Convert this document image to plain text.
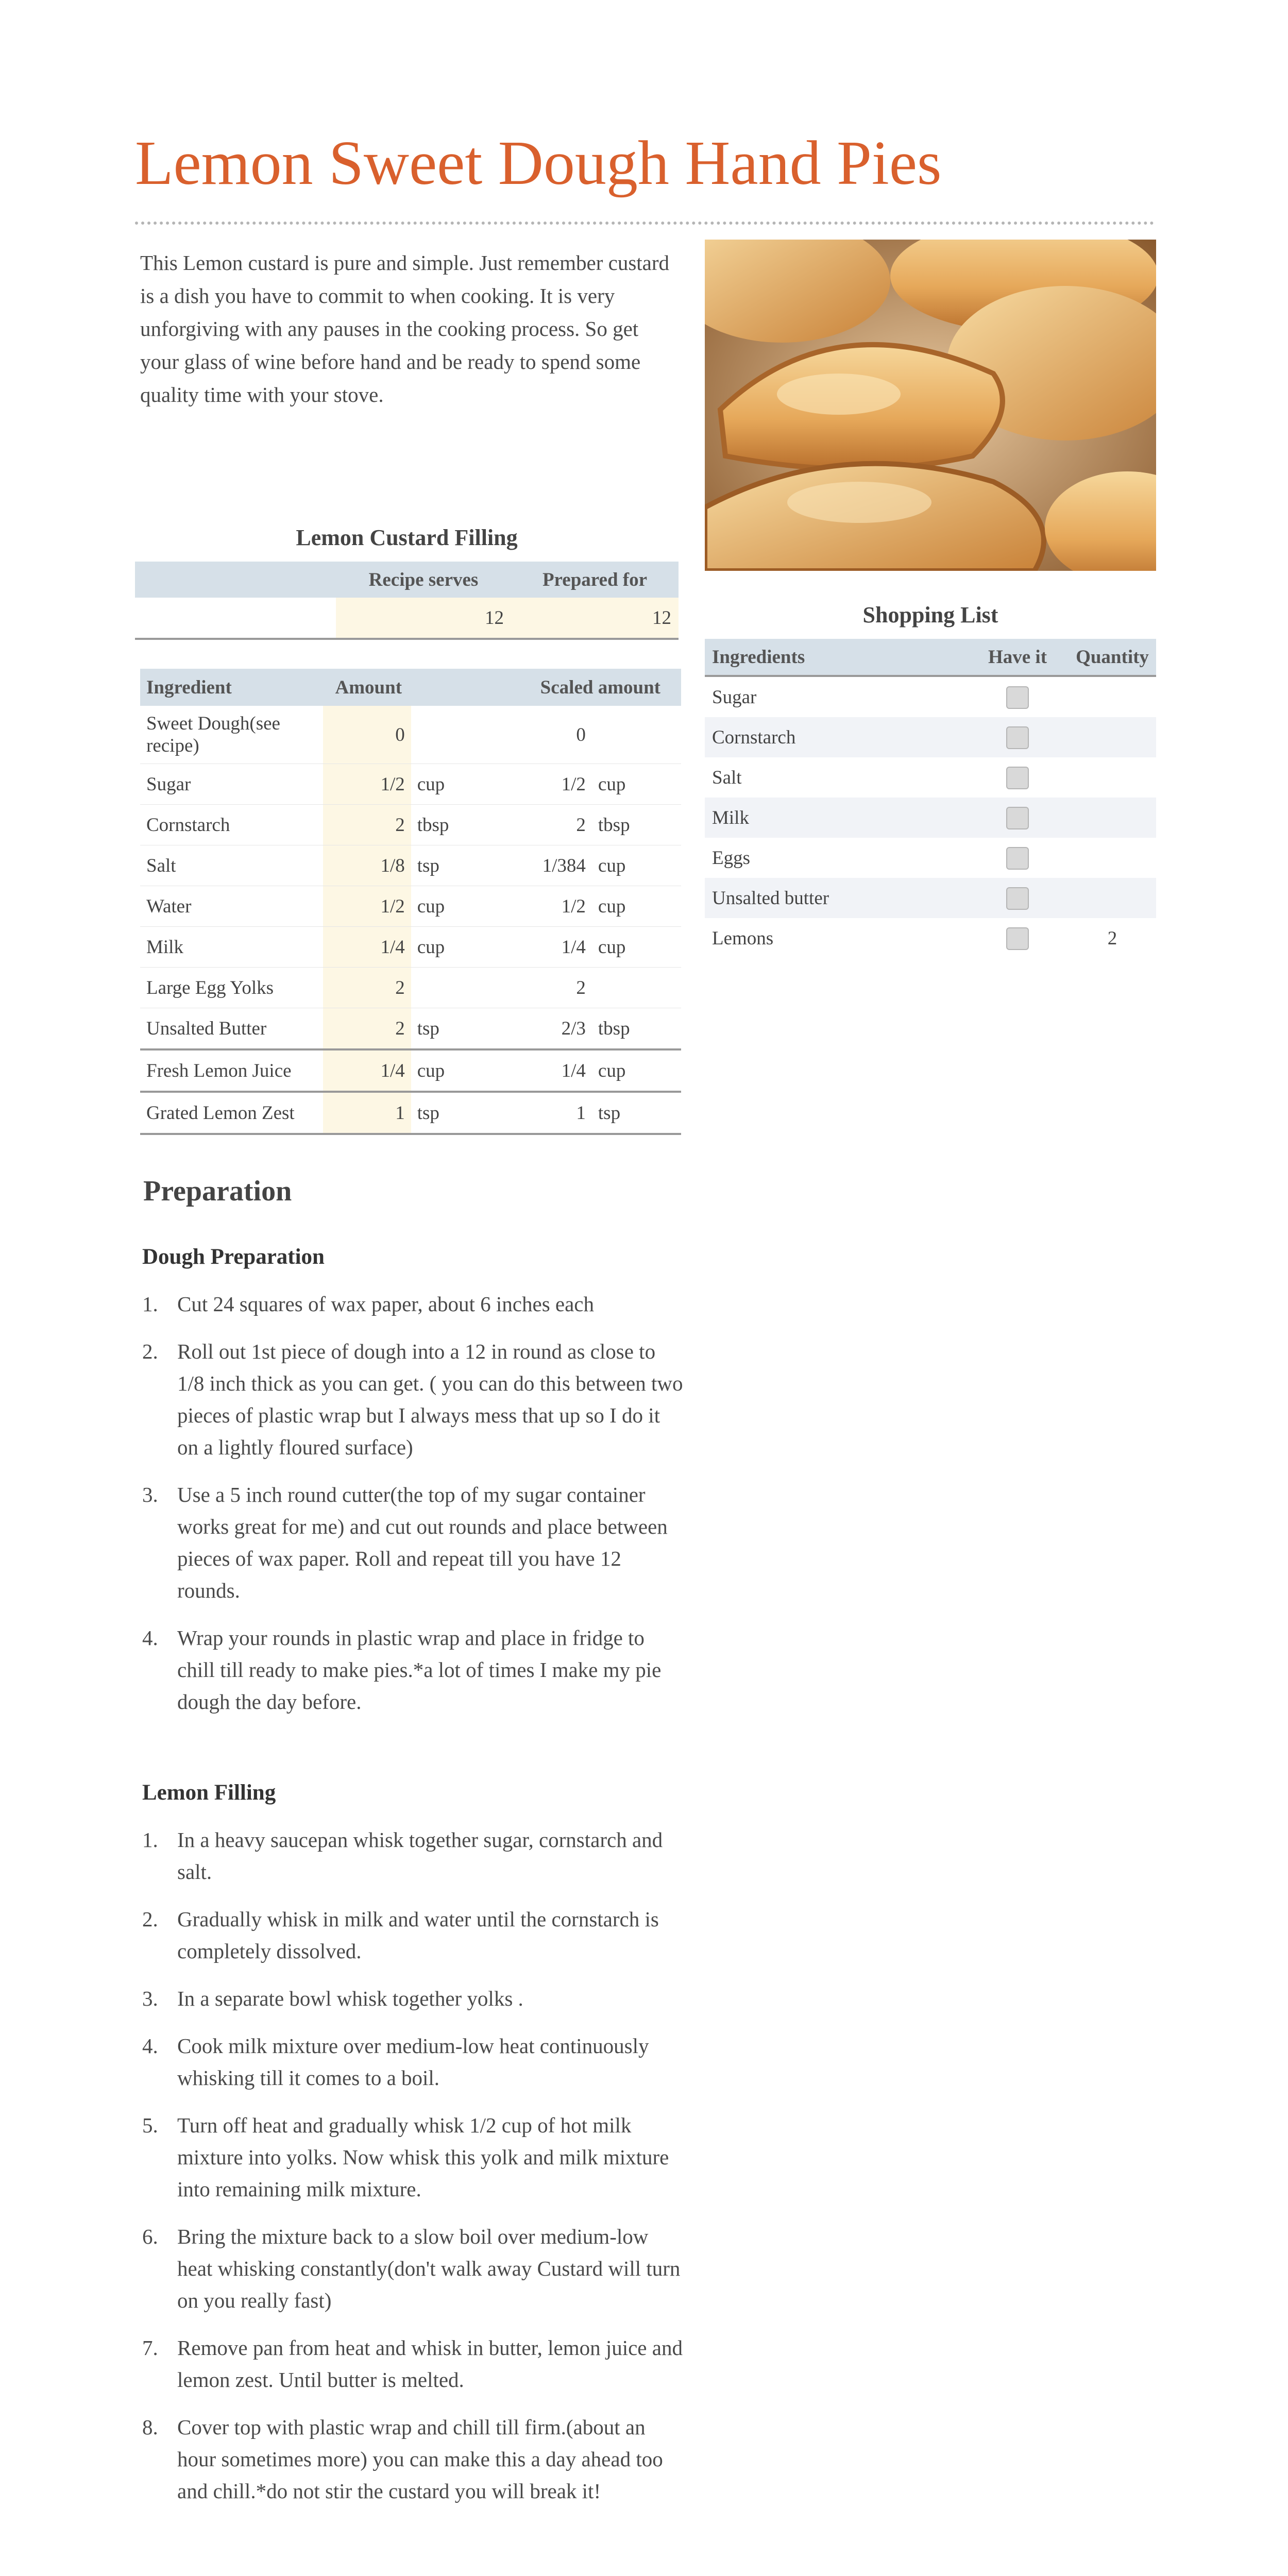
Lemon Sweet Dough Hand Pies

This Lemon custard is pure and simple. Just remember custard is a dish you have to commit to when cooking. It is very unforgiving with any pauses in the cooking process. So get your glass of wine before hand and be ready to spend some quality time with your stove.

Lemon Custard Filling
	Recipe serves	Prepared for
	12	12
Ingredient	Amount		Scaled amount	
Sweet Dough(see recipe)	0		0	
Sugar	1/2	cup	1/2	cup
Cornstarch	2	tbsp	2	tbsp
Salt	1/8	tsp	1/384	cup
Water	1/2	cup	1/2	cup
Milk	1/4	cup	1/4	cup
Large Egg Yolks	2		2	
Unsalted Butter	2	tsp	2/3	tbsp
Fresh Lemon Juice	1/4	cup	1/4	cup
Grated Lemon Zest	1	tsp	1	tsp
Shopping List
Ingredients	Have it	Quantity
Sugar		
Cornstarch		
Salt		
Milk		
Eggs		
Unsalted butter		
Lemons		2
Preparation
Dough Preparation
1. Cut 24 squares of wax paper, about 6 inches each
2. Roll out 1st piece of dough into a 12 in round as close to 1/8 inch thick as you can get. ( you can do this between two pieces of plastic wrap but I always mess that up so I do it on a lightly floured surface)
3. Use a 5 inch round cutter(the top of my sugar container works great for me) and cut out rounds and place between pieces of wax paper. Roll and repeat till you have 12 rounds.
4. Wrap your rounds in plastic wrap and place in fridge to chill till ready to make pies.*a lot of times I make my pie dough the day before.
Lemon Filling
1. In a heavy saucepan whisk together sugar, cornstarch and salt.
2. Gradually whisk in milk and water until the cornstarch is completely dissolved.
3. In a separate bowl whisk together yolks .
4. Cook milk mixture over medium-low heat continuously whisking till it comes to a boil.
5. Turn off heat and gradually whisk 1/2 cup of hot milk mixture into yolks. Now whisk this yolk and milk mixture into remaining milk mixture.
6. Bring the mixture back to a slow boil over medium-low heat whisking constantly(don't walk away Custard will turn on you really fast)
7. Remove pan from heat and whisk in butter, lemon juice and lemon zest. Until butter is melted.
8. Cover top with plastic wrap and chill till firm.(about an hour sometimes more) you can make this a day ahead too and chill.*do not stir the custard you will break it!
